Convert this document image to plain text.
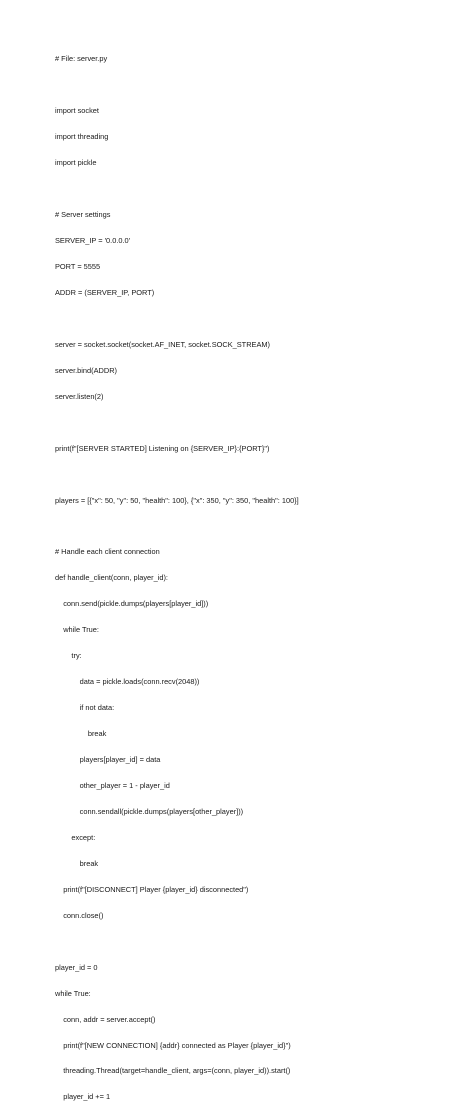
# File: server.py

import socket

import threading

import pickle

# Server settings

SERVER_IP = '0.0.0.0'

PORT = 5555

ADDR = (SERVER_IP, PORT)

server = socket.socket(socket.AF_INET, socket.SOCK_STREAM)

server.bind(ADDR)

server.listen(2)

print(f"[SERVER STARTED] Listening on {SERVER_IP}:{PORT}")

players = [{"x": 50, "y": 50, "health": 100}, {"x": 350, "y": 350, "health": 100}]

# Handle each client connection

def handle_client(conn, player_id):

conn.send(pickle.dumps(players[player_id]))

while True:

try:

data = pickle.loads(conn.recv(2048))

if not data:

break

players[player_id] = data

other_player = 1 - player_id

conn.sendall(pickle.dumps(players[other_player]))

except:

break

print(f"[DISCONNECT] Player {player_id} disconnected")

conn.close()

player_id = 0

while True:

conn, addr = server.accept()

print(f"[NEW CONNECTION] {addr} connected as Player {player_id}")

threading.Thread(target=handle_client, args=(conn, player_id)).start()

player_id += 1
